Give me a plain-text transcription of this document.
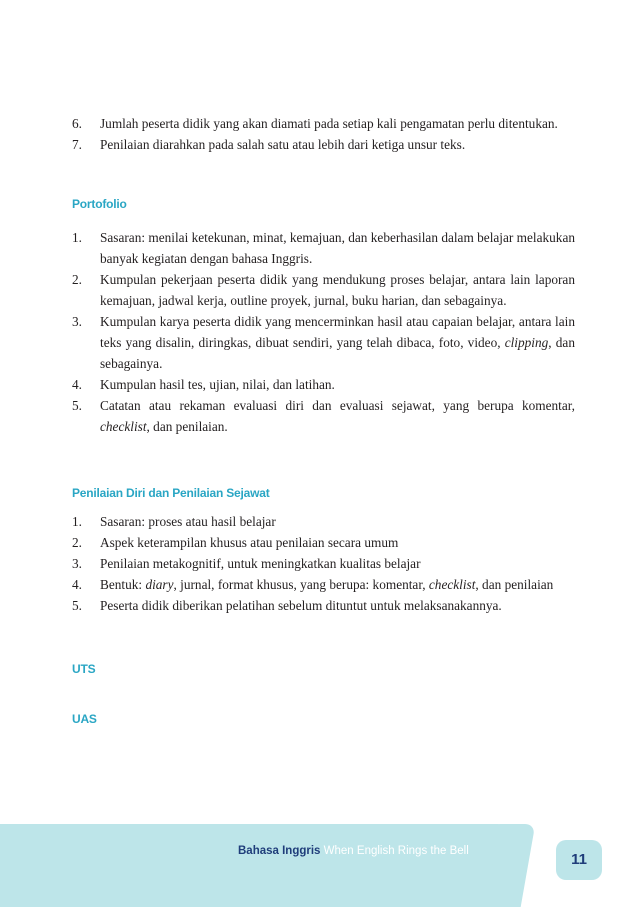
6. Jumlah peserta didik yang akan diamati pada setiap kali pengamatan perlu ditentukan.
7. Penilaian diarahkan pada salah satu atau lebih dari ketiga unsur teks.
Portofolio
1. Sasaran: menilai ketekunan, minat, kemajuan, dan keberhasilan dalam belajar melakukan banyak kegiatan dengan bahasa Inggris.
2. Kumpulan pekerjaan peserta didik yang mendukung proses belajar, antara lain laporan kemajuan, jadwal kerja, outline proyek, jurnal, buku harian, dan sebagainya.
3. Kumpulan karya peserta didik yang mencerminkan hasil atau capaian belajar, antara lain teks yang disalin, diringkas, dibuat sendiri, yang telah dibaca, foto, video, clipping, dan sebagainya.
4. Kumpulan hasil tes, ujian, nilai, dan latihan.
5. Catatan atau rekaman evaluasi diri dan evaluasi sejawat, yang berupa komentar, checklist, dan penilaian.
Penilaian Diri dan Penilaian Sejawat
1. Sasaran: proses atau hasil belajar
2. Aspek keterampilan khusus atau penilaian secara umum
3. Penilaian metakognitif, untuk meningkatkan kualitas belajar
4. Bentuk: diary, jurnal, format khusus, yang berupa: komentar, checklist, dan penilaian
5. Peserta didik diberikan pelatihan sebelum dituntut untuk melaksanakannya.
UTS
UAS
Bahasa Inggris When English Rings the Bell	11
